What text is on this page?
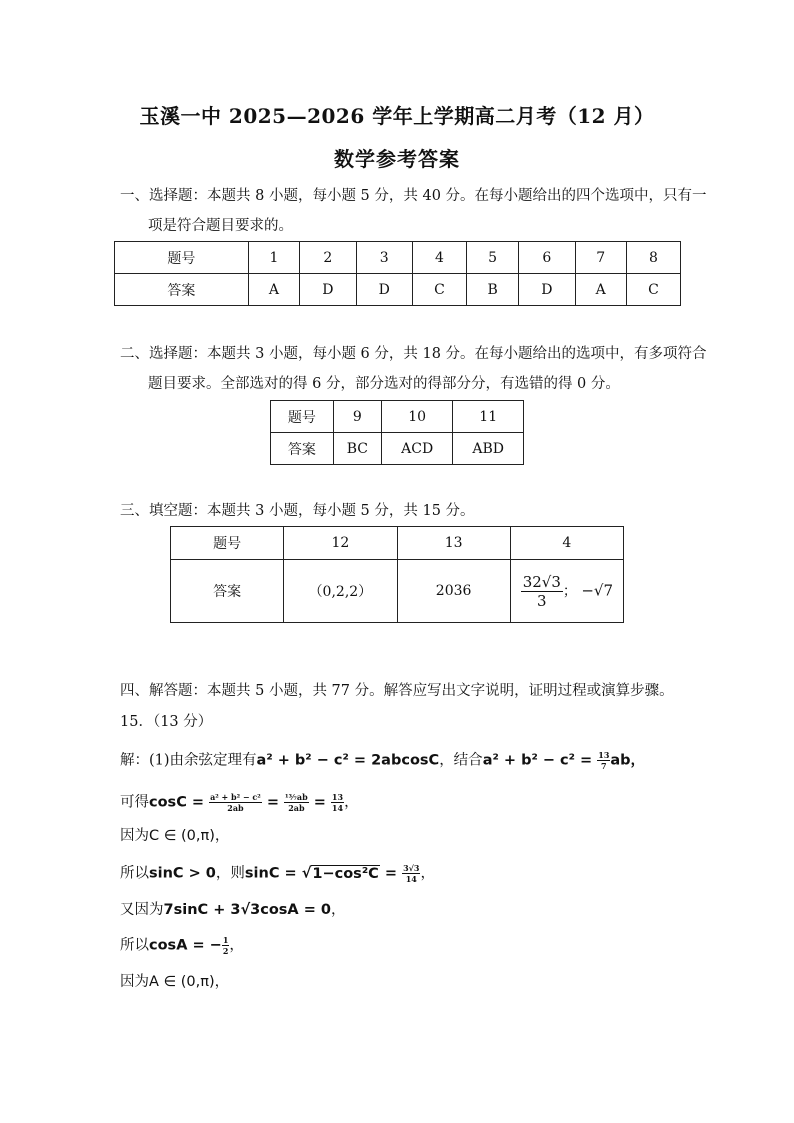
玉溪一中 2025—2026 学年上学期高二月考（12 月）
数学参考答案
一、选择题：本题共 8 小题，每小题 5 分，共 40 分。在每小题给出的四个选项中，只有一
项是符合题目要求的。
题号	1	2	3	4	5	6	7	8
答案	A	D	D	C	B	D	A	C
二、选择题：本题共 3 小题，每小题 6 分，共 18 分。在每小题给出的选项中，有多项符合
题目要求。全部选对的得 6 分，部分选对的得部分分，有选错的得 0 分。
题号	9	10	11
答案	BC	ACD	ABD
三、填空题：本题共 3 小题，每小题 5 分，共 15 分。
题号	12	13	4
答案	（0,2,2）	2036	$\frac{32√3}{3}$ ； −√7
四、解答题：本题共 5 小题，共 77 分。解答应写出文字说明，证明过程或演算步骤。
15．（13 分）
解：(1)由余弦定理有a² + b² − c² = 2abcosC，结合$a^2 + b^2 - c^2 = \frac{13}{7}$ ab，
可得$\cos C = \frac{\text{a² + b² − c²}}{2ab} = \frac{\text{¹³⁄₇ab}}{2ab} = \frac{13}{14}$ ，
因为C ∈ (0,π)，
所以sinC > 0，则$\sin C = √1-\cos^2C = \frac{3√3}{14}$ ，
又因为7sinC + 3√3cosA = 0，
所以cosA = − $\frac{1}{2}$ ，
因为A ∈ (0,π)，
